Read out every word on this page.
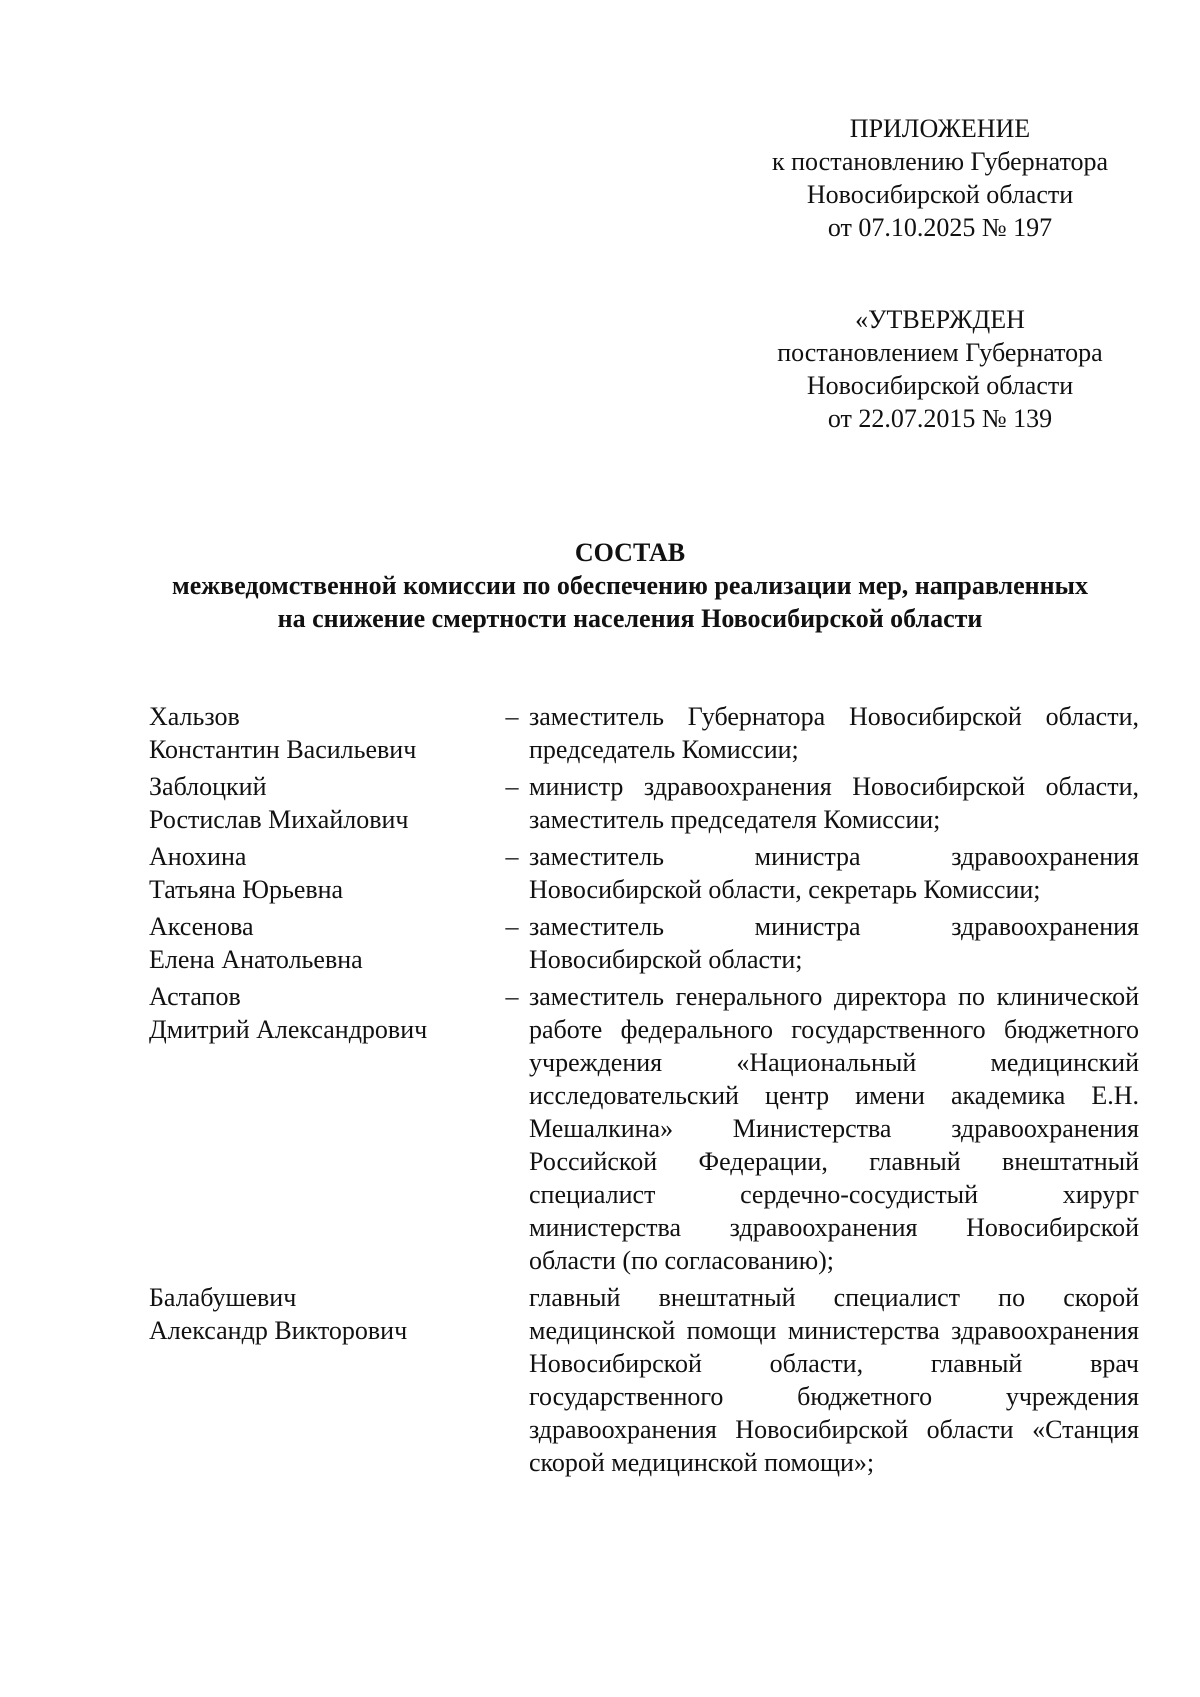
ПРИЛОЖЕНИЕ
к постановлению Губернатора
Новосибирской области
от 07.10.2025 № 197
«УТВЕРЖДЕН
постановлением Губернатора
Новосибирской области
от 22.07.2015 № 139
СОСТАВ
межведомственной комиссии по обеспечению реализации мер, направленных
на снижение смертности населения Новосибирской области
Хальзов
Константин Васильевич
– заместитель Губернатора Новосибирской области, председатель Комиссии;
Заблоцкий
Ростислав Михайлович
– министр здравоохранения Новосибирской области, заместитель председателя Комиссии;
Анохина
Татьяна Юрьевна
– заместитель министра здравоохранения Новосибирской области, секретарь Комиссии;
Аксенова
Елена Анатольевна
– заместитель министра здравоохранения Новосибирской области;
Астапов
Дмитрий Александрович
– заместитель генерального директора по клинической работе федерального государственного бюджетного учреждения «Национальный медицинский исследовательский центр имени академика Е.Н. Мешалкина» Министерства здравоохранения Российской Федерации, главный внештатный специалист сердечно-сосудистый хирург министерства здравоохранения Новосибирской области (по согласованию);
Балабушевич
Александр Викторович
главный внештатный специалист по скорой медицинской помощи министерства здравоохранения Новосибирской области, главный врач государственного бюджетного учреждения здравоохранения Новосибирской области «Станция скорой медицинской помощи»;
